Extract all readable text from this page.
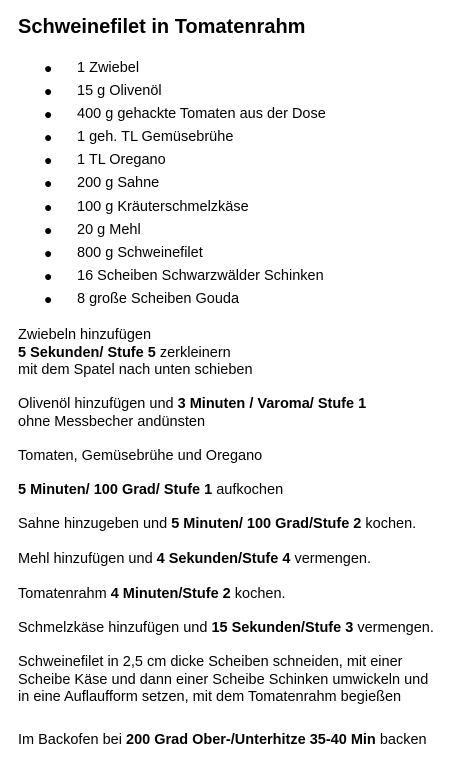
Schweinefilet in Tomatenrahm
● 1 Zwiebel
● 15 g Olivenöl
● 400 g gehackte Tomaten aus der Dose
● 1 geh. TL Gemüsebrühe
● 1 TL Oregano
● 200 g Sahne
● 100 g Kräuterschmelzkäse
● 20 g Mehl
● 800 g Schweinefilet
● 16 Scheiben Schwarzwälder Schinken
● 8 große Scheiben Gouda

Zwiebeln hinzufügen
5 Sekunden/ Stufe 5 zerkleinern
mit dem Spatel nach unten schieben

Olivenöl hinzufügen und 3 Minuten / Varoma/ Stufe 1
ohne Messbecher andünsten

Tomaten, Gemüsebrühe und Oregano

5 Minuten/ 100 Grad/ Stufe 1 aufkochen

Sahne hinzugeben und 5 Minuten/ 100 Grad/Stufe 2 kochen.

Mehl hinzufügen und 4 Sekunden/Stufe 4 vermengen.

Tomatenrahm 4 Minuten/Stufe 2 kochen.

Schmelzkäse hinzufügen und 15 Sekunden/Stufe 3 vermengen.

Schweinefilet in 2,5 cm dicke Scheiben schneiden, mit einer
Scheibe Käse und dann einer Scheibe Schinken umwickeln und
in eine Auflaufform setzen, mit dem Tomatenrahm begießen

Im Backofen bei 200 Grad Ober-/Unterhitze 35-40 Min backen
